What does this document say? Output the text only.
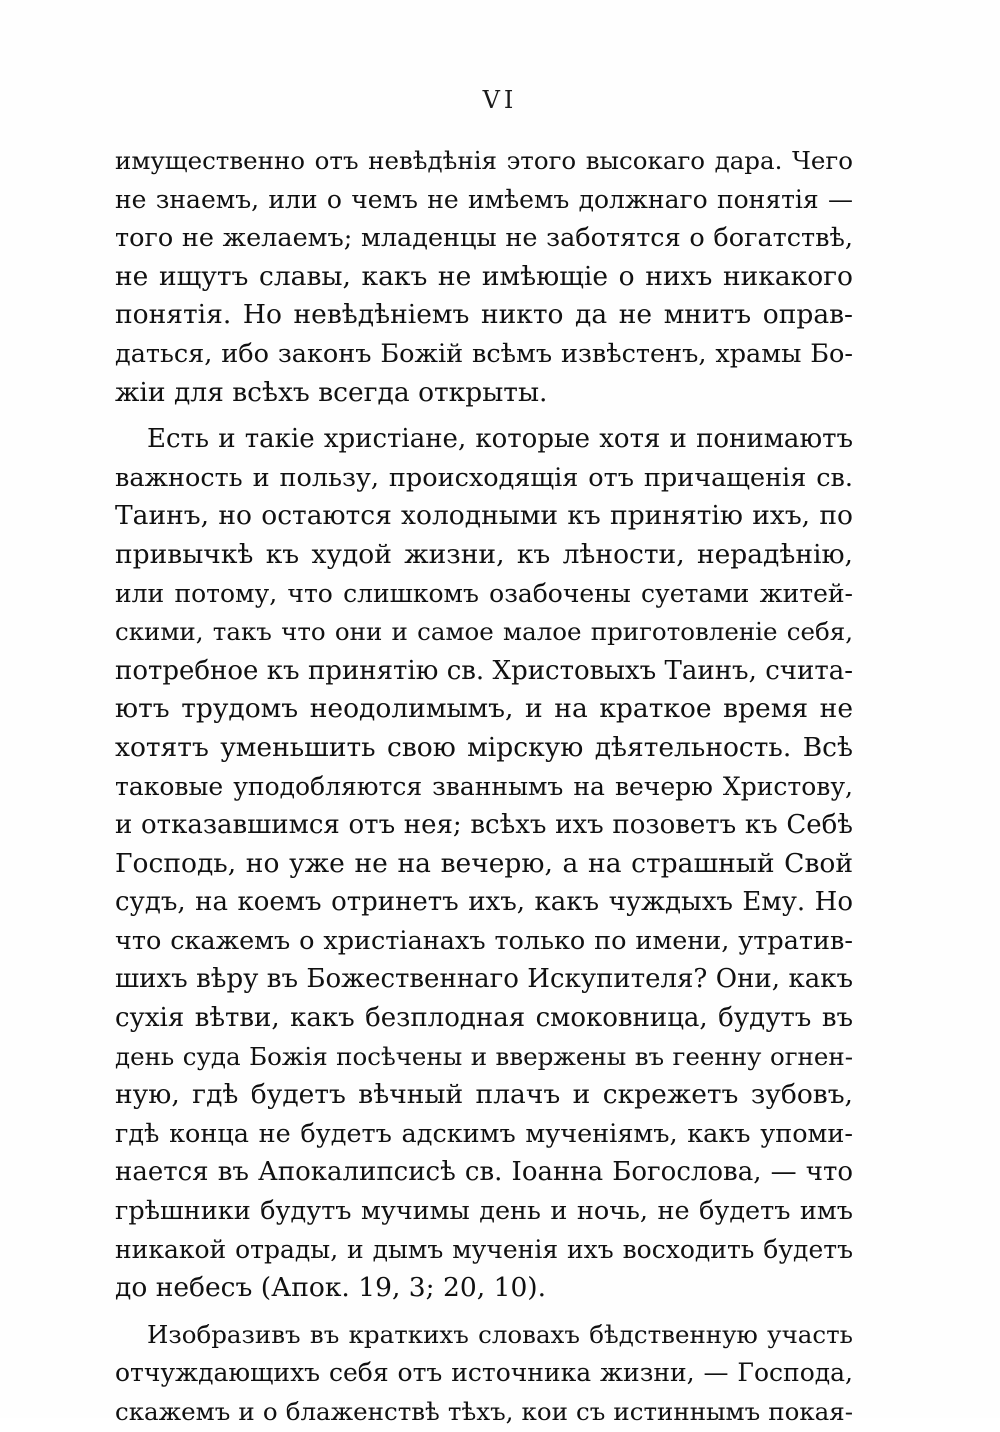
VI
имущественно отъ невѣдѣнія этого высокаго дара. Чего
не знаемъ, или о чемъ не имѣемъ должнаго понятія —
того не желаемъ; младенцы не заботятся о богатствѣ,
не ищутъ славы, какъ не имѣющіе о нихъ никакого
понятія. Но невѣдѣніемъ никто да не мнитъ оправ-
даться, ибо законъ Божій всѣмъ извѣстенъ, храмы Бо-
жіи для всѣхъ всегда открыты.
Есть и такіе христіане, которые хотя и понимаютъ
важность и пользу, происходящія отъ причащенія св.
Таинъ, но остаются холодными къ принятію ихъ, по
привычкѣ къ худой жизни, къ лѣности, нерадѣнію,
или потому, что слишкомъ озабочены суетами житей-
скими, такъ что они и самое малое приготовленіе себя,
потребное къ принятію св. Христовыхъ Таинъ, счита-
ютъ трудомъ неодолимымъ, и на краткое время не
хотятъ уменьшить свою мірскую дѣятельность. Всѣ
таковые уподобляются званнымъ на вечерю Христову,
и отказавшимся отъ нея; всѣхъ ихъ позоветъ къ Себѣ
Господь, но уже не на вечерю, а на страшный Свой
судъ, на коемъ отринетъ ихъ, какъ чуждыхъ Ему. Но
что скажемъ о христіанахъ только по имени, утратив-
шихъ вѣру въ Божественнаго Искупителя? Они, какъ
сухія вѣтви, какъ безплодная смоковница, будутъ въ
день суда Божія посѣчены и ввержены въ геенну огнен-
ную, гдѣ будетъ вѣчный плачъ и скрежетъ зубовъ,
гдѣ конца не будетъ адскимъ мученіямъ, какъ упоми-
нается въ Апокалипсисѣ св. Іоанна Богослова, — что
грѣшники будутъ мучимы день и ночь, не будетъ имъ
никакой отрады, и дымъ мученія ихъ восходить будетъ
до небесъ (Апок. 19, 3; 20, 10).
Изобразивъ въ краткихъ словахъ бѣдственную участь
отчуждающихъ себя отъ источника жизни, — Господа,
скажемъ и о блаженствѣ тѣхъ, кои съ истиннымъ покая-
